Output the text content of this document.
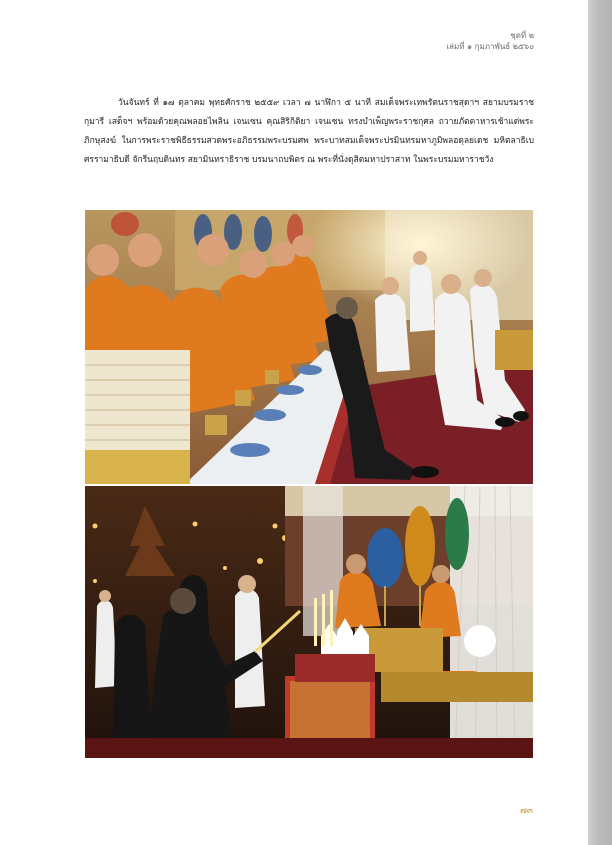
ชุดที่ ๒
เล่มที่ ๑ กุมภาพันธ์ ๒๕๖๐
วันจันทร์ ที่ ๑๗ ตุลาคม พุทธศักราช ๒๕๕๙ เวลา ๗ นาฬิกา ๕ นาที สมเด็จพระเทพรัตนราชสุดาฯ สยามบรมราชกุมารี เสด็จฯ พร้อมด้วยคุณพลอยไพลิน เจนเซน คุณสิริกิติยา เจนเซน ทรงบำเพ็ญพระราชกุศล ถวายภัตตาหารเช้าแด่พระภิกษุสงฆ์ ในการพระราชพิธีธรรมสวดพระอภิธรรมพระบรมศพ พระบาทสมเด็จพระปรมินทรมหาภูมิพลอดุลยเดช มหิตลาธิเบศรรามาธิบดี จักรีนฤบดินทร สยามินทราธิราช บรมนาถบพิตร ณ พระที่นั่งดุสิตมหาปราสาท ในพระบรมมหาราชวัง
๗๓
